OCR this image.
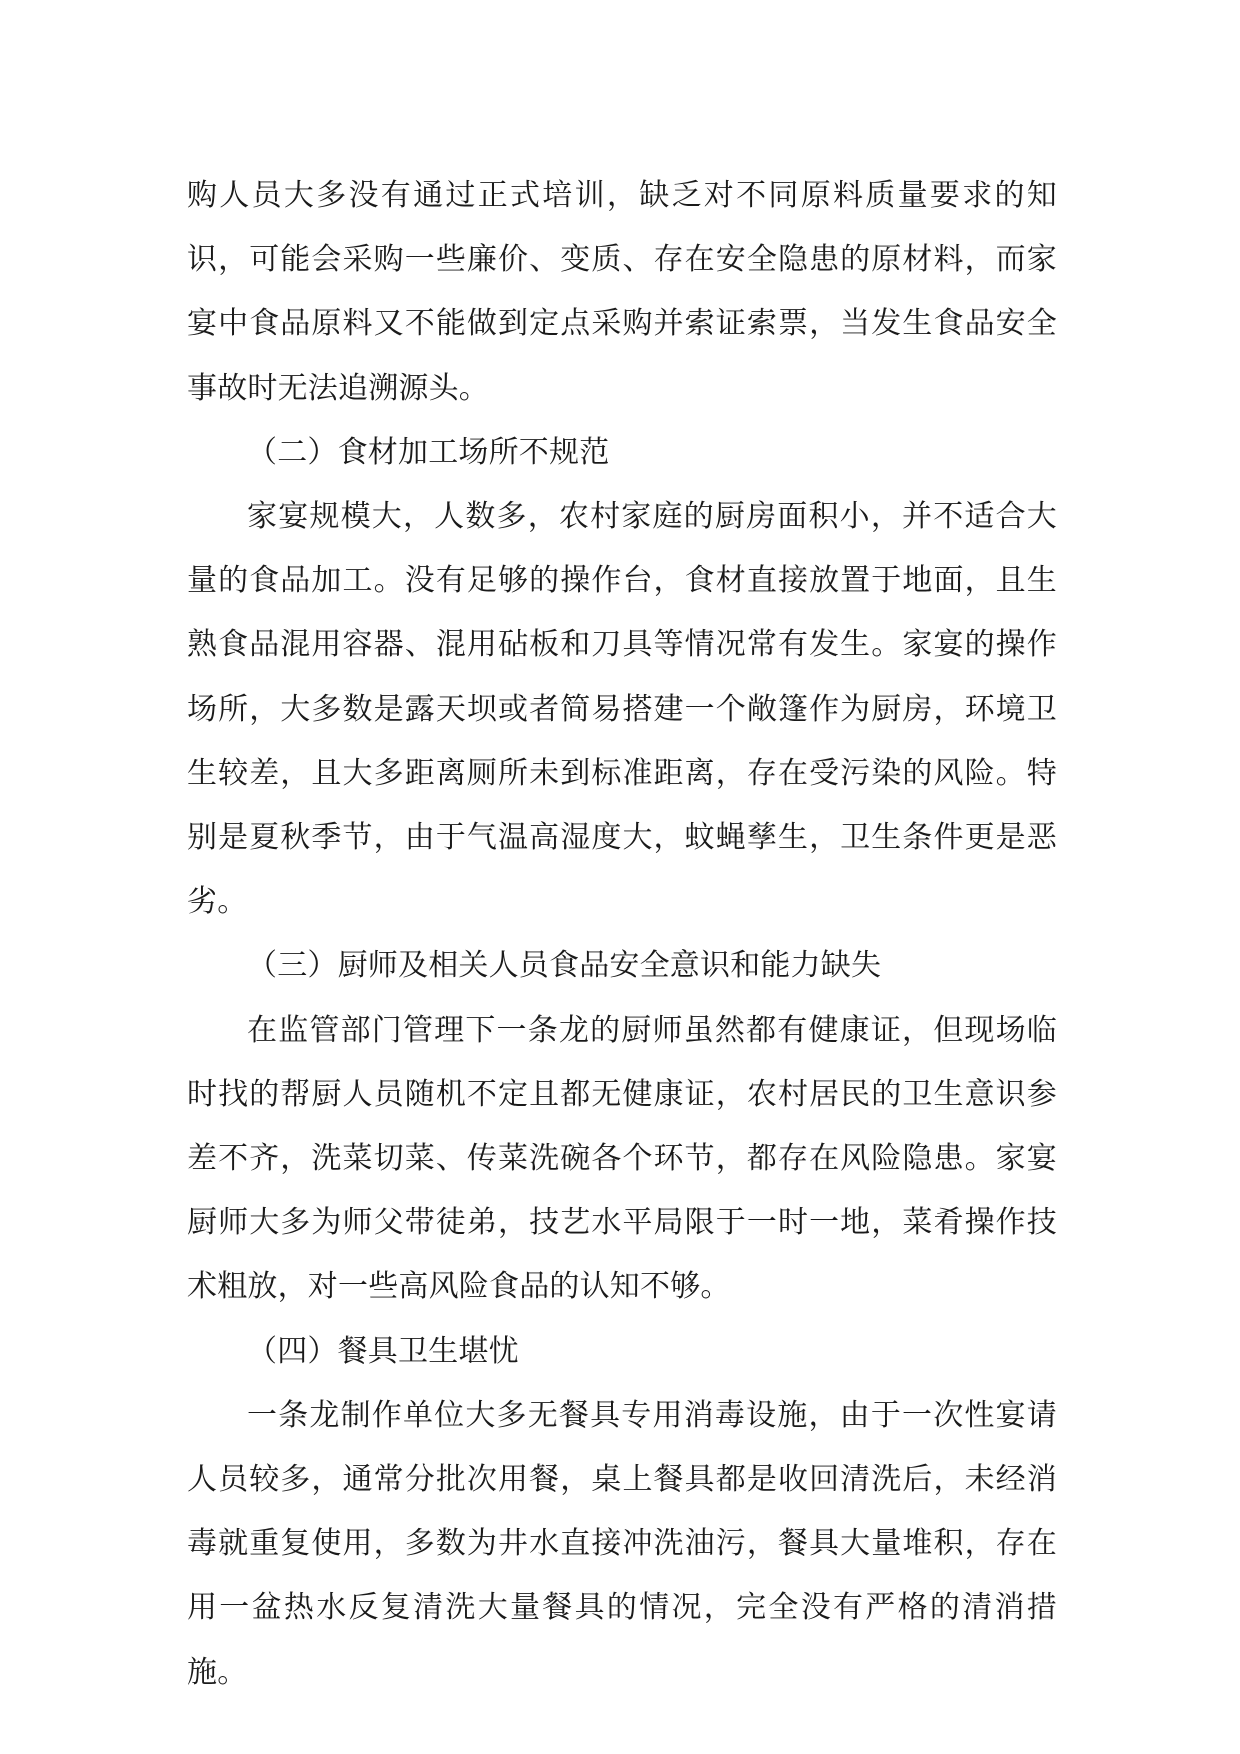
购人员大多没有通过正式培训，缺乏对不同原料质量要求的知识，可能会采购一些廉价、变质、存在安全隐患的原材料，而家宴中食品原料又不能做到定点采购并索证索票，当发生食品安全事故时无法追溯源头。

（二）食材加工场所不规范

家宴规模大，人数多，农村家庭的厨房面积小，并不适合大量的食品加工。没有足够的操作台，食材直接放置于地面，且生熟食品混用容器、混用砧板和刀具等情况常有发生。家宴的操作场所，大多数是露天坝或者简易搭建一个敞篷作为厨房，环境卫生较差，且大多距离厕所未到标准距离，存在受污染的风险。特别是夏秋季节，由于气温高湿度大，蚊蝇孳生，卫生条件更是恶劣。

（三）厨师及相关人员食品安全意识和能力缺失

在监管部门管理下一条龙的厨师虽然都有健康证，但现场临时找的帮厨人员随机不定且都无健康证，农村居民的卫生意识参差不齐，洗菜切菜、传菜洗碗各个环节，都存在风险隐患。家宴厨师大多为师父带徒弟，技艺水平局限于一时一地，菜肴操作技术粗放，对一些高风险食品的认知不够。

（四）餐具卫生堪忧

一条龙制作单位大多无餐具专用消毒设施，由于一次性宴请人员较多，通常分批次用餐，桌上餐具都是收回清洗后，未经消毒就重复使用，多数为井水直接冲洗油污，餐具大量堆积，存在用一盆热水反复清洗大量餐具的情况，完全没有严格的清消措施。
